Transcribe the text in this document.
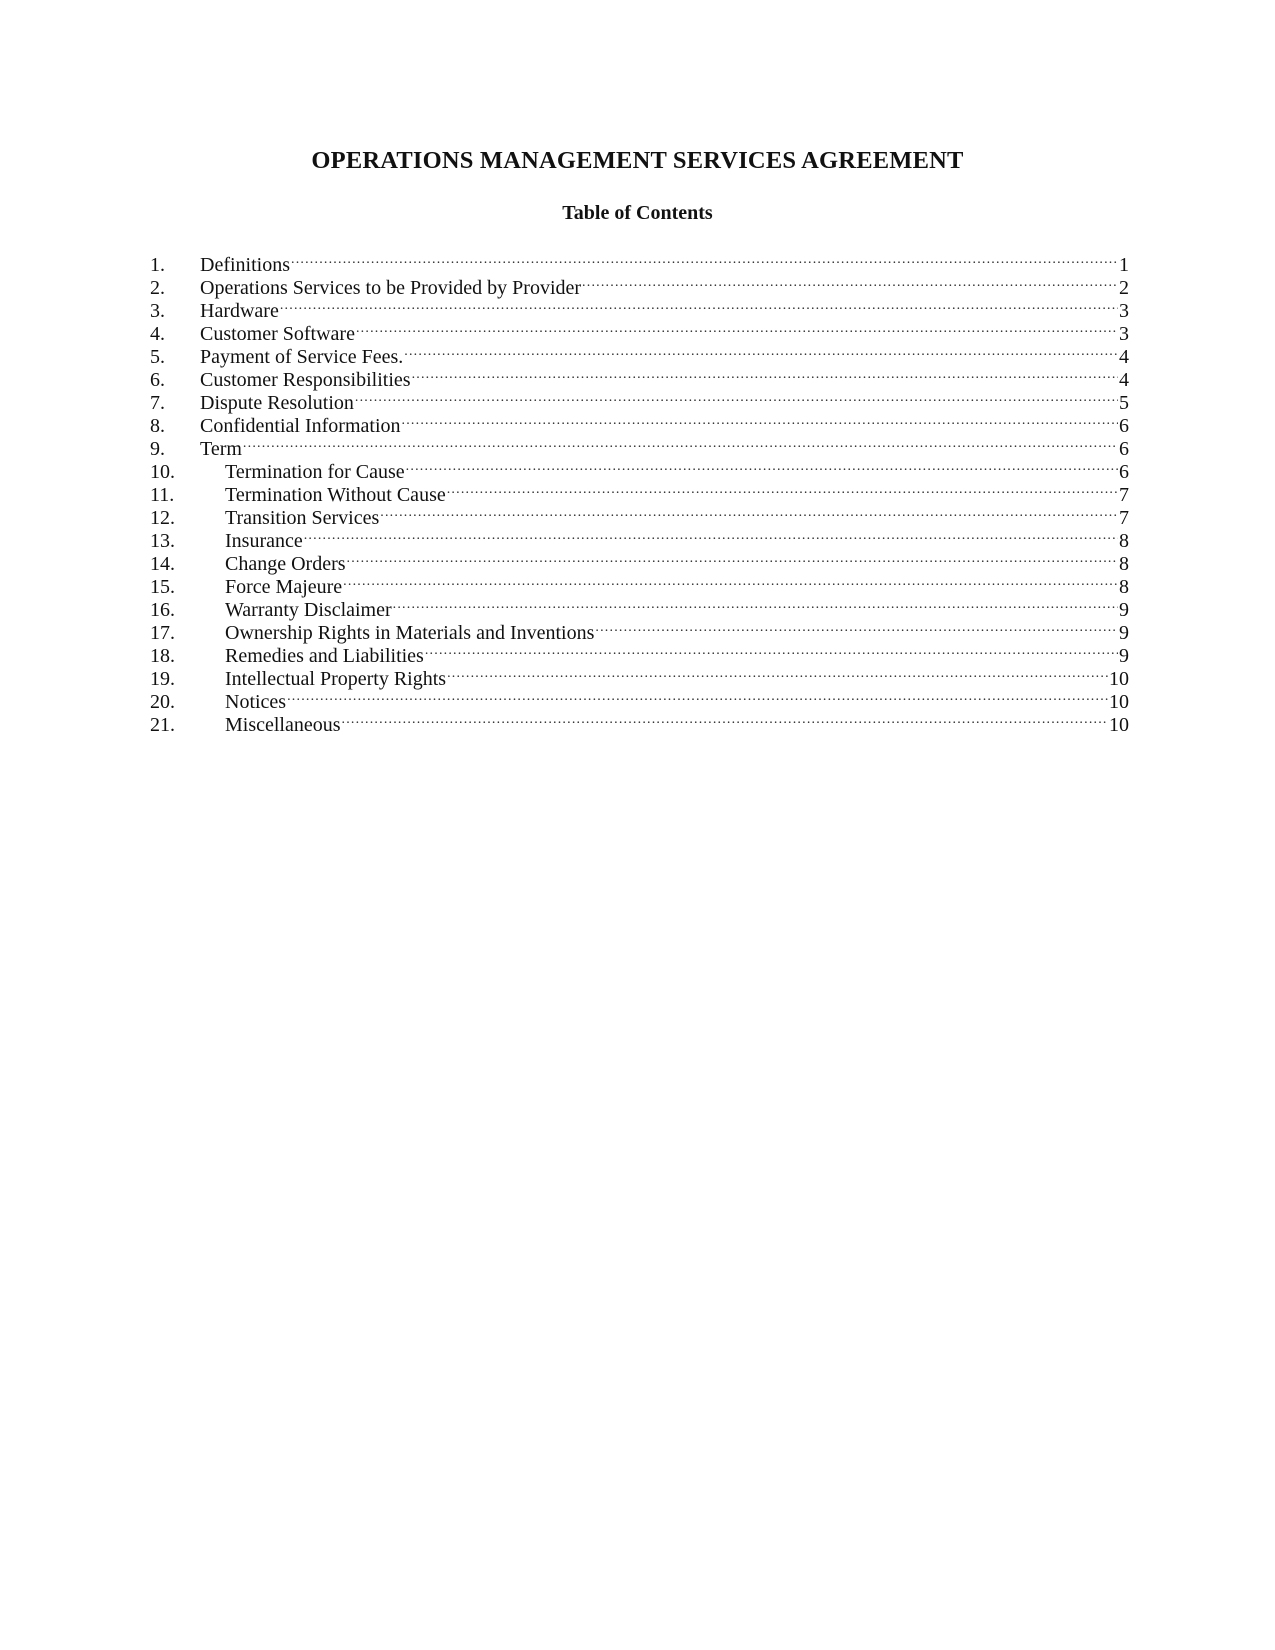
OPERATIONS MANAGEMENT SERVICES AGREEMENT
Table of Contents
1.	Definitions .....	1
2.	Operations Services to be Provided by Provider .....	2
3.	Hardware .....	3
4.	Customer Software .....	3
5.	Payment of Service Fees. .....	4
6.	Customer Responsibilities .....	4
7.	Dispute Resolution .....	5
8.	Confidential Information .....	6
9.	Term .....	6
10.	Termination for Cause .....	6
11.	Termination Without Cause .....	7
12.	Transition Services .....	7
13.	Insurance .....	8
14.	Change Orders .....	8
15.	Force Majeure .....	8
16.	Warranty Disclaimer .....	9
17.	Ownership Rights in Materials and Inventions .....	9
18.	Remedies and Liabilities .....	9
19.	Intellectual Property Rights .....	10
20.	Notices .....	10
21.	Miscellaneous .....	10
